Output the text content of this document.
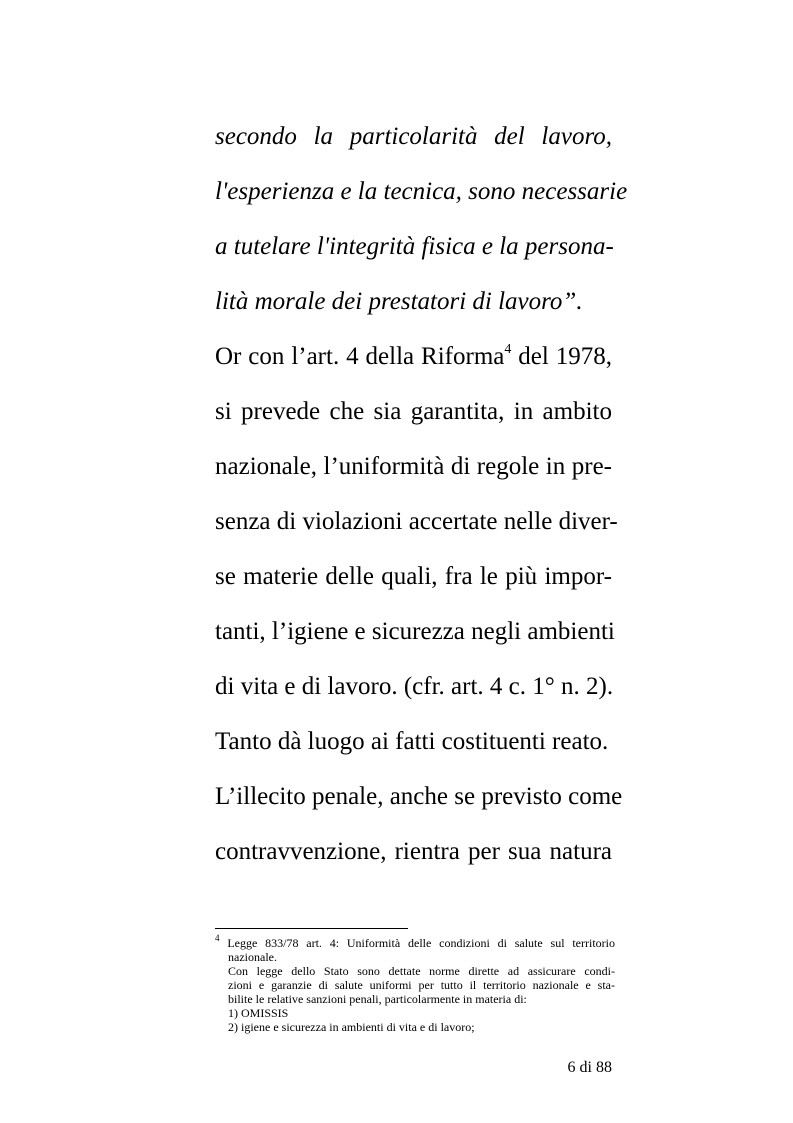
secondo la particolarità del lavoro,
l'esperienza e la tecnica, sono necessarie
a tutelare l'integrità fisica e la persona-
lità morale dei prestatori di lavoro”.
Or con l’art. 4 della Riforma$^4$ del 1978,
si prevede che sia garantita, in ambito
nazionale, l’uniformità di regole in pre-
senza di violazioni accertate nelle diver-
se materie delle quali, fra le più impor-
tanti, l’igiene e sicurezza negli ambienti
di vita e di lavoro. (cfr. art. 4 c. 1° n. 2).
Tanto dà luogo ai fatti costituenti reato.
L’illecito penale, anche se previsto come
contravvenzione, rientra per sua natura
$^4$ Legge 833/78 art. 4: Uniformità delle condizioni di salute sul territorio
nazionale.
Con legge dello Stato sono dettate norme dirette ad assicurare condi-
zioni e garanzie di salute uniformi per tutto il territorio nazionale e sta-
bilite le relative sanzioni penali, particolarmente in materia di:
1) OMISSIS
2) igiene e sicurezza in ambienti di vita e di lavoro;
6 di 88
